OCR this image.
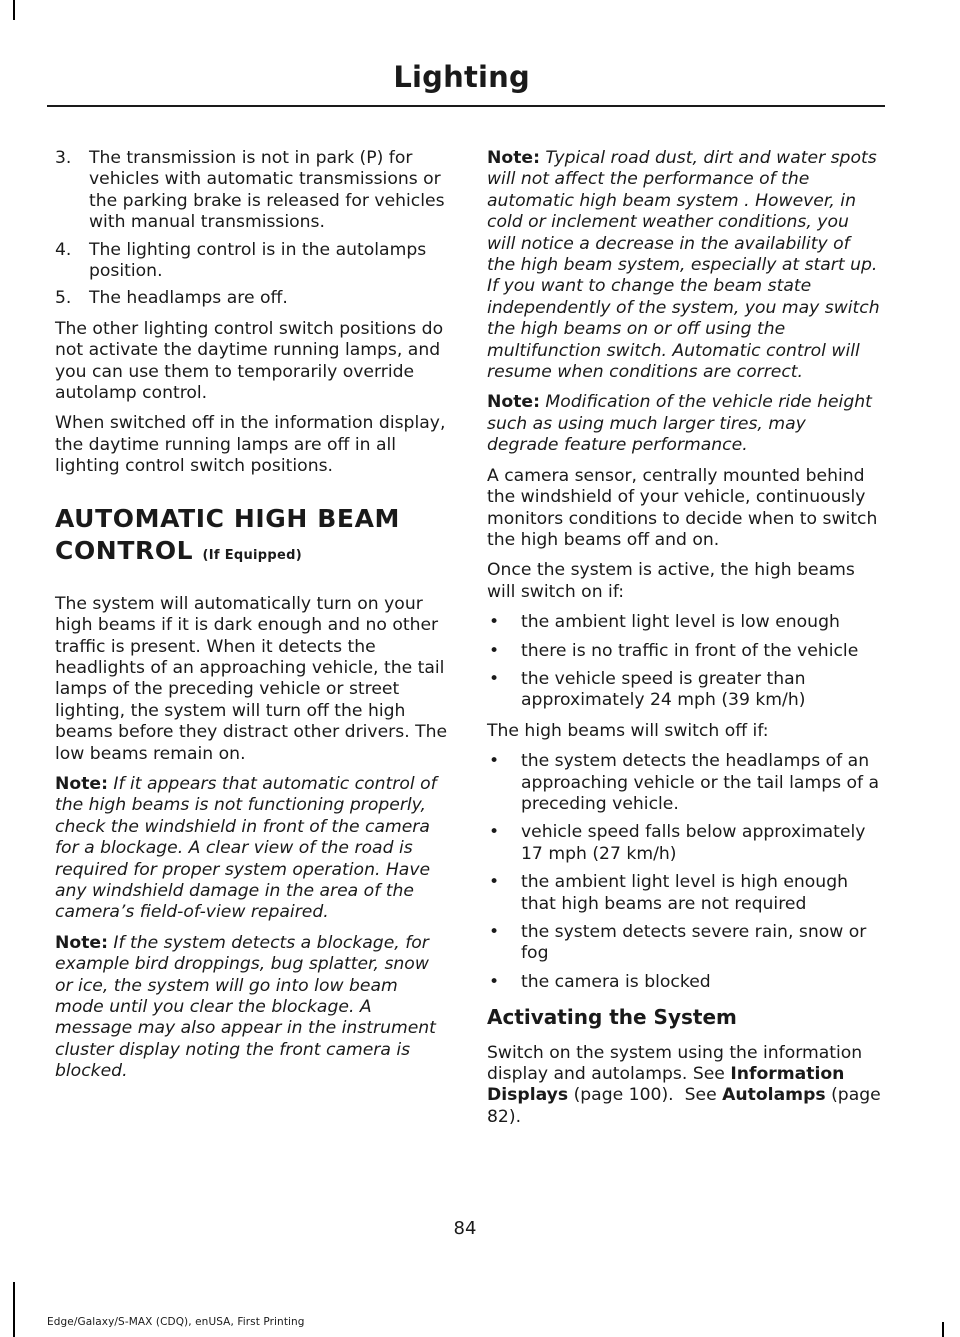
Lighting
3. The transmission is not in park (P) for vehicles with automatic transmissions or the parking brake is released for vehicles with manual transmissions.
4. The lighting control is in the autolamps position.
5. The headlamps are off.

The other lighting control switch positions do not activate the daytime running lamps, and you can use them to temporarily override autolamp control.

When switched off in the information display, the daytime running lamps are off in all lighting control switch positions.

AUTOMATIC HIGH BEAM
CONTROL (If Equipped)

The system will automatically turn on your high beams if it is dark enough and no other traffic is present. When it detects the headlights of an approaching vehicle, the tail lamps of the preceding vehicle or street lighting, the system will turn off the high beams before they distract other drivers. The low beams remain on.

Note: If it appears that automatic control of the high beams is not functioning properly, check the windshield in front of the camera for a blockage. A clear view of the road is required for proper system operation. Have any windshield damage in the area of the camera’s field-of-view repaired.

Note: If the system detects a blockage, for example bird droppings, bug splatter, snow or ice, the system will go into low beam mode until you clear the blockage. A message may also appear in the instrument cluster display noting the front camera is blocked.

Note: Typical road dust, dirt and water spots will not affect the performance of the automatic high beam system . However, in cold or inclement weather conditions, you will notice a decrease in the availability of the high beam system, especially at start up. If you want to change the beam state independently of the system, you may switch the high beams on or off using the multifunction switch. Automatic control will resume when conditions are correct.

Note: Modification of the vehicle ride height such as using much larger tires, may degrade feature performance.

A camera sensor, centrally mounted behind the windshield of your vehicle, continuously monitors conditions to decide when to switch the high beams off and on.

Once the system is active, the high beams will switch on if:

• the ambient light level is low enough
• there is no traffic in front of the vehicle
• the vehicle speed is greater than approximately 24 mph (39 km/h)

The high beams will switch off if:

• the system detects the headlamps of an approaching vehicle or the tail lamps of a preceding vehicle.
• vehicle speed falls below approximately 17 mph (27 km/h)
• the ambient light level is high enough that high beams are not required
• the system detects severe rain, snow or fog
• the camera is blocked
Activating the System

Switch on the system using the information display and autolamps. See Information Displays (page 100). See Autolamps (page 82).

84
Edge/Galaxy/S-MAX (CDQ), enUSA, First Printing
